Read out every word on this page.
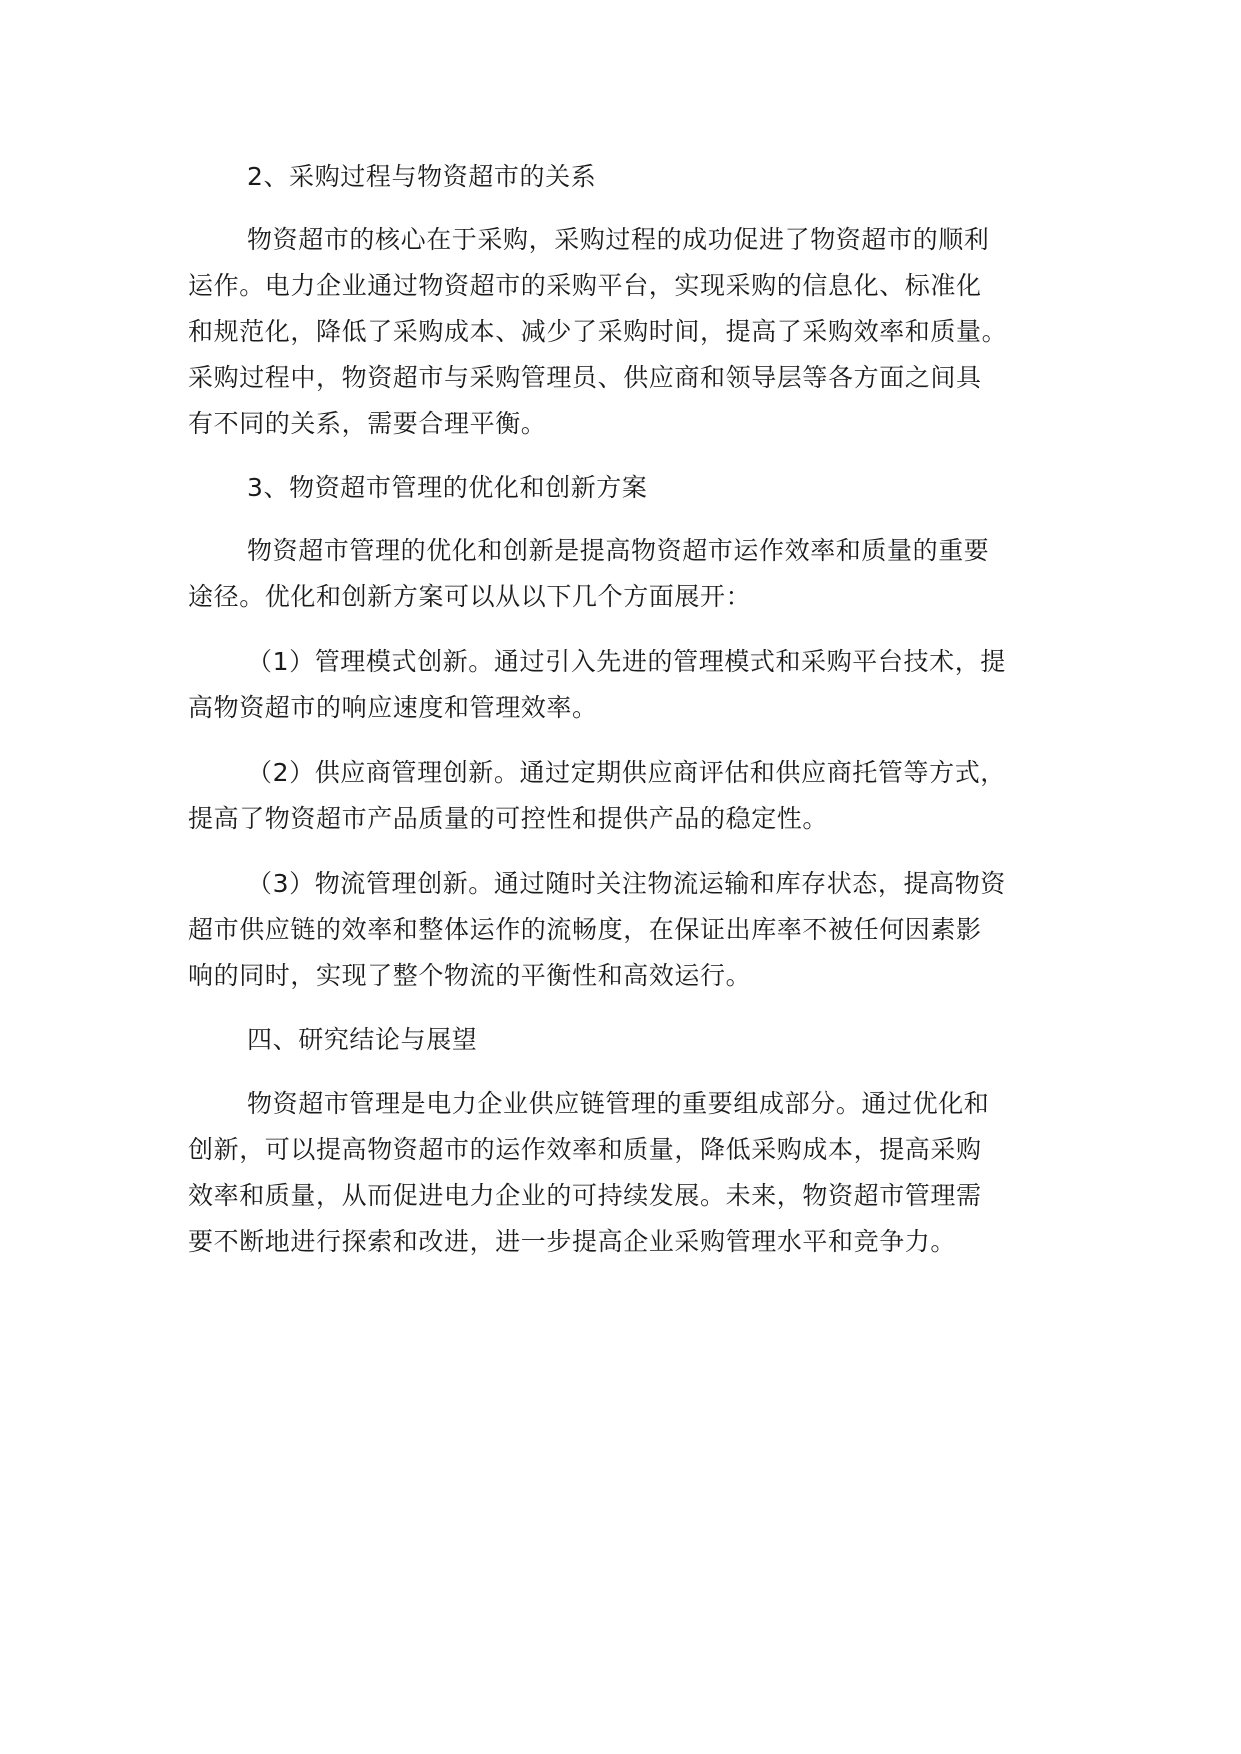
2、采购过程与物资超市的关系
物资超市的核心在于采购，采购过程的成功促进了物资超市的顺利
运作。电力企业通过物资超市的采购平台，实现采购的信息化、标准化
和规范化，降低了采购成本、减少了采购时间，提高了采购效率和质量。
采购过程中，物资超市与采购管理员、供应商和领导层等各方面之间具
有不同的关系，需要合理平衡。
3、物资超市管理的优化和创新方案
物资超市管理的优化和创新是提高物资超市运作效率和质量的重要
途径。优化和创新方案可以从以下几个方面展开：
（1）管理模式创新。通过引入先进的管理模式和采购平台技术，提
高物资超市的响应速度和管理效率。
（2）供应商管理创新。通过定期供应商评估和供应商托管等方式，
提高了物资超市产品质量的可控性和提供产品的稳定性。
（3）物流管理创新。通过随时关注物流运输和库存状态，提高物资
超市供应链的效率和整体运作的流畅度，在保证出库率不被任何因素影
响的同时，实现了整个物流的平衡性和高效运行。
四、研究结论与展望
物资超市管理是电力企业供应链管理的重要组成部分。通过优化和
创新，可以提高物资超市的运作效率和质量，降低采购成本，提高采购
效率和质量，从而促进电力企业的可持续发展。未来，物资超市管理需
要不断地进行探索和改进，进一步提高企业采购管理水平和竞争力。
